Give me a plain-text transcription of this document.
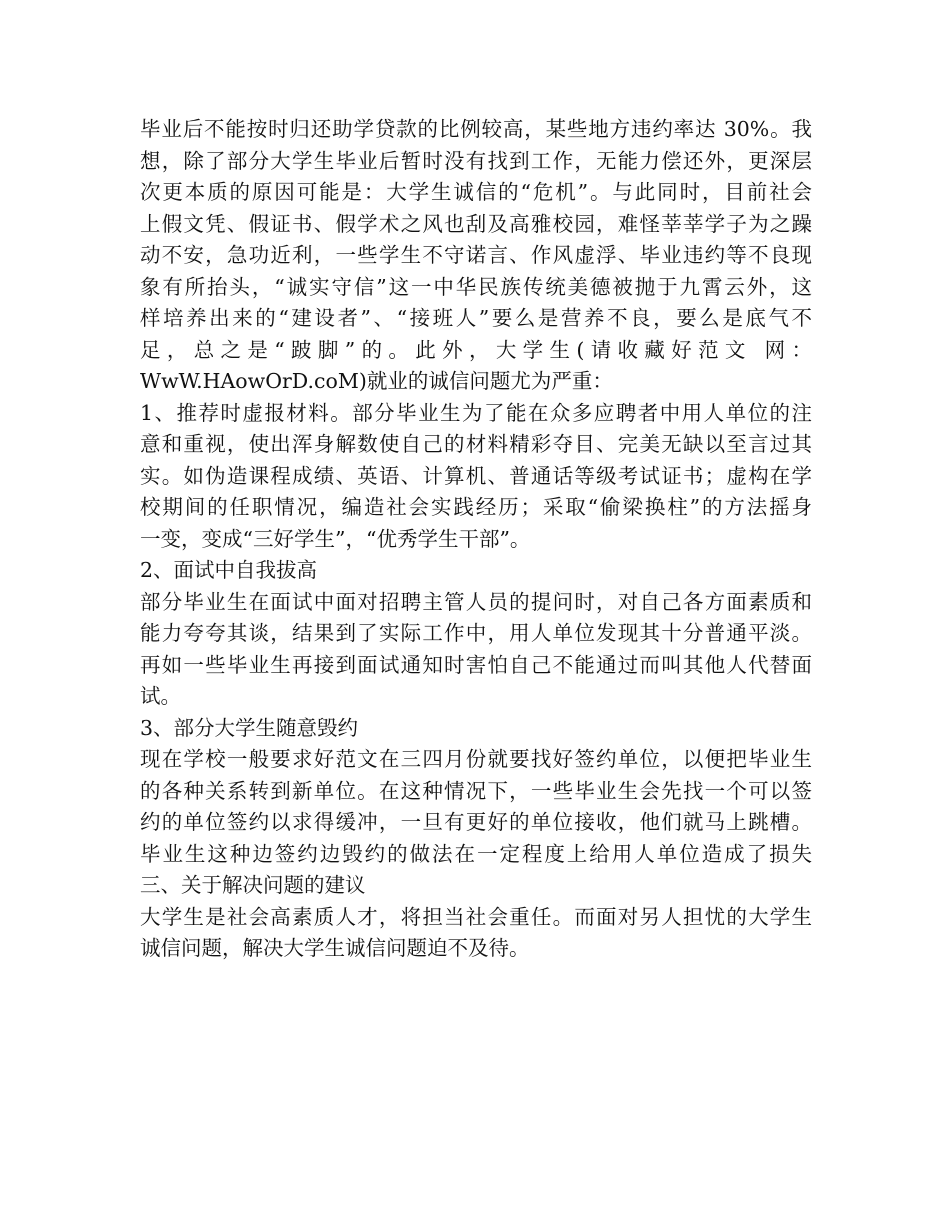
毕业后不能按时归还助学贷款的比例较高，某些地方违约率达 30%。我
想，除了部分大学生毕业后暂时没有找到工作，无能力偿还外，更深层
次更本质的原因可能是：大学生诚信的“危机”。与此同时，目前社会
上假文凭、假证书、假学术之风也刮及高雅校园，难怪莘莘学子为之躁
动不安，急功近利，一些学生不守诺言、作风虚浮、毕业违约等不良现
象有所抬头，“诚实守信”这一中华民族传统美德被抛于九霄云外，这
样培养出来的“建设者”、“接班人”要么是营养不良，要么是底气不
足，总之是“跛脚”的。此外，大学生(请收藏好范文 网：
WwW.HAowOrD.coM)就业的诚信问题尤为严重：
1、推荐时虚报材料。部分毕业生为了能在众多应聘者中用人单位的注
意和重视，使出浑身解数使自己的材料精彩夺目、完美无缺以至言过其
实。如伪造课程成绩、英语、计算机、普通话等级考试证书；虚构在学
校期间的任职情况，编造社会实践经历；采取“偷梁换柱”的方法摇身
一变，变成“三好学生”，“优秀学生干部”。
2、面试中自我拔高
部分毕业生在面试中面对招聘主管人员的提问时，对自己各方面素质和
能力夸夸其谈，结果到了实际工作中，用人单位发现其十分普通平淡。
再如一些毕业生再接到面试通知时害怕自己不能通过而叫其他人代替面
试。
3、部分大学生随意毁约
现在学校一般要求好范文在三四月份就要找好签约单位，以便把毕业生
的各种关系转到新单位。在这种情况下，一些毕业生会先找一个可以签
约的单位签约以求得缓冲，一旦有更好的单位接收，他们就马上跳槽。
毕业生这种边签约边毁约的做法在一定程度上给用人单位造成了损失
三、关于解决问题的建议
大学生是社会高素质人才，将担当社会重任。而面对另人担忧的大学生
诚信问题，解决大学生诚信问题迫不及待。
